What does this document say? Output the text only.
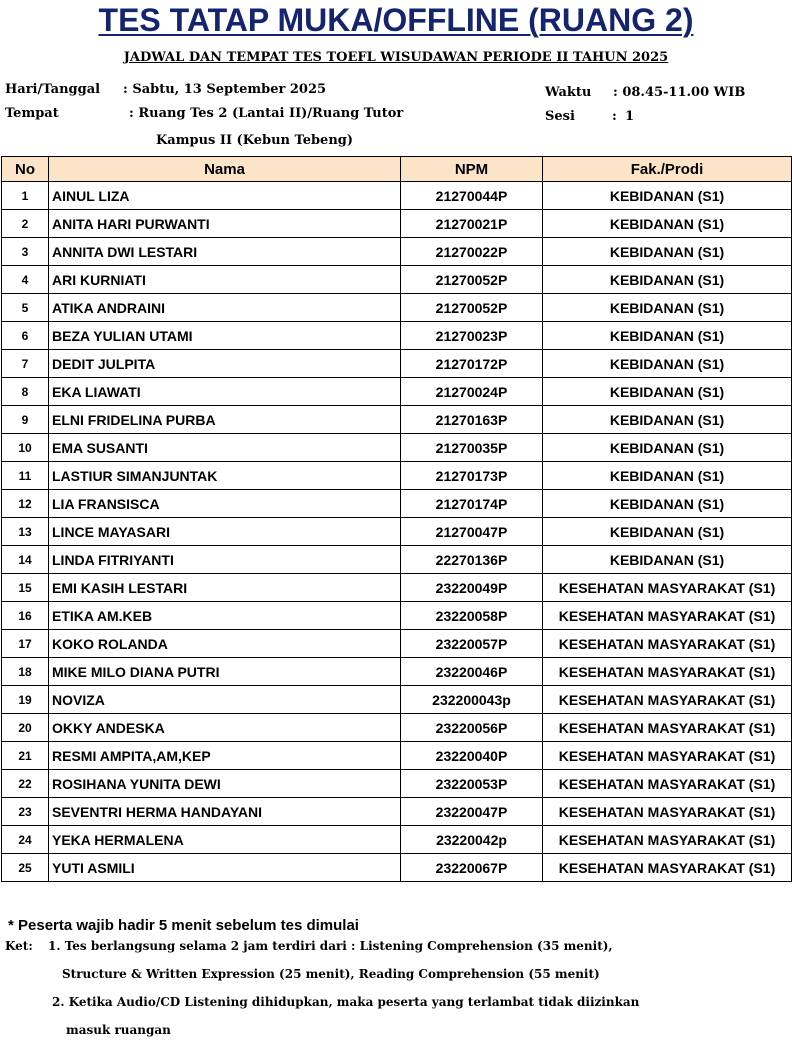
TES TATAP MUKA/OFFLINE (RUANG 2)
JADWAL DAN TEMPAT TES TOEFL WISUDAWAN PERIODE II TAHUN 2025
Hari/Tanggal : Sabtu, 13 September 2025
Tempat	: Ruang Tes 2 (Lantai II)/Ruang Tutor
Kampus II (Kebun Tebeng)
Waktu : 08.45-11.00 WIB
Sesi	: 1
No	Nama	NPM	Fak./Prodi
1	AINUL LIZA	21270044P	KEBIDANAN (S1)
2	ANITA HARI PURWANTI	21270021P	KEBIDANAN (S1)
3	ANNITA DWI LESTARI	21270022P	KEBIDANAN (S1)
4	ARI KURNIATI	21270052P	KEBIDANAN (S1)
5	ATIKA ANDRAINI	21270052P	KEBIDANAN (S1)
6	BEZA YULIAN UTAMI	21270023P	KEBIDANAN (S1)
7	DEDIT JULPITA	21270172P	KEBIDANAN (S1)
8	EKA LIAWATI	21270024P	KEBIDANAN (S1)
9	ELNI FRIDELINA PURBA	21270163P	KEBIDANAN (S1)
10	EMA SUSANTI	21270035P	KEBIDANAN (S1)
11	LASTIUR SIMANJUNTAK	21270173P	KEBIDANAN (S1)
12	LIA FRANSISCA	21270174P	KEBIDANAN (S1)
13	LINCE MAYASARI	21270047P	KEBIDANAN (S1)
14	LINDA FITRIYANTI	22270136P	KEBIDANAN (S1)
15	EMI KASIH LESTARI	23220049P	KESEHATAN MASYARAKAT (S1)
16	ETIKA AM.KEB	23220058P	KESEHATAN MASYARAKAT (S1)
17	KOKO ROLANDA	23220057P	KESEHATAN MASYARAKAT (S1)
18	MIKE MILO DIANA PUTRI	23220046P	KESEHATAN MASYARAKAT (S1)
19	NOVIZA	232200043p	KESEHATAN MASYARAKAT (S1)
20	OKKY ANDESKA	23220056P	KESEHATAN MASYARAKAT (S1)
21	RESMI AMPITA,AM,KEP	23220040P	KESEHATAN MASYARAKAT (S1)
22	ROSIHANA YUNITA DEWI	23220053P	KESEHATAN MASYARAKAT (S1)
23	SEVENTRI HERMA HANDAYANI	23220047P	KESEHATAN MASYARAKAT (S1)
24	YEKA HERMALENA	23220042p	KESEHATAN MASYARAKAT (S1)
25	YUTI ASMILI	23220067P	KESEHATAN MASYARAKAT (S1)
* Peserta wajib hadir 5 menit sebelum tes dimulai
Ket: 1. Tes berlangsung selama 2 jam terdiri dari : Listening Comprehension (35 menit),
Structure & Written Expression (25 menit), Reading Comprehension (55 menit)
2. Ketika Audio/CD Listening dihidupkan, maka peserta yang terlambat tidak diizinkan
masuk ruangan
